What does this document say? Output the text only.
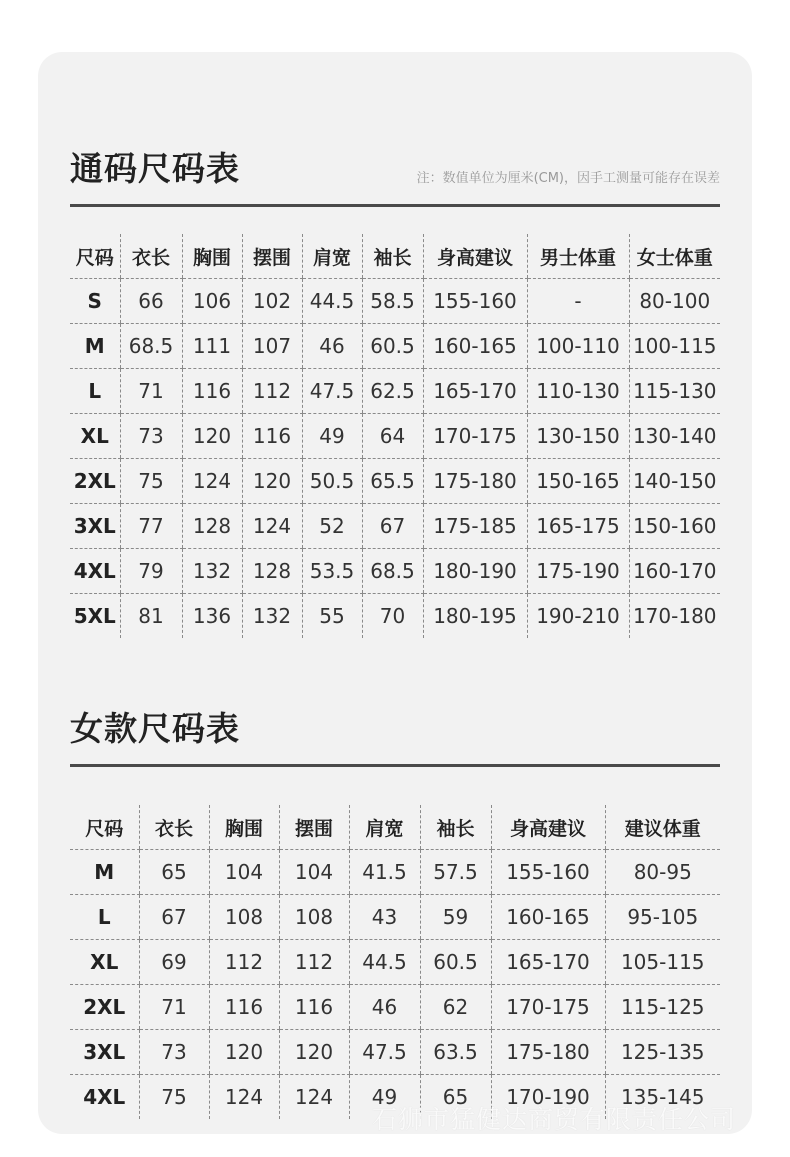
通码尺码表	注：数值单位为厘米(CM)，因手工测量可能存在误差
尺码	衣长	胸围	摆围	肩宽	袖长	身高建议	男士体重	女士体重
S	66	106	102	44.5	58.5	155-160	-	80-100
M	68.5	111	107	46	60.5	160-165	100-110	100-115
L	71	116	112	47.5	62.5	165-170	110-130	115-130
XL	73	120	116	49	64	170-175	130-150	130-140
2XL	75	124	120	50.5	65.5	175-180	150-165	140-150
3XL	77	128	124	52	67	175-185	165-175	150-160
4XL	79	132	128	53.5	68.5	180-190	175-190	160-170
5XL	81	136	132	55	70	180-195	190-210	170-180
女款尺码表
尺码	衣长	胸围	摆围	肩宽	袖长	身高建议	建议体重
M	65	104	104	41.5	57.5	155-160	80-95
L	67	108	108	43	59	160-165	95-105
XL	69	112	112	44.5	60.5	165-170	105-115
2XL	71	116	116	46	62	170-175	115-125
3XL	73	120	120	47.5	63.5	175-180	125-135
4XL	75	124	124	49	65	170-190	135-145
石狮市猛健达商贸有限责任公司
